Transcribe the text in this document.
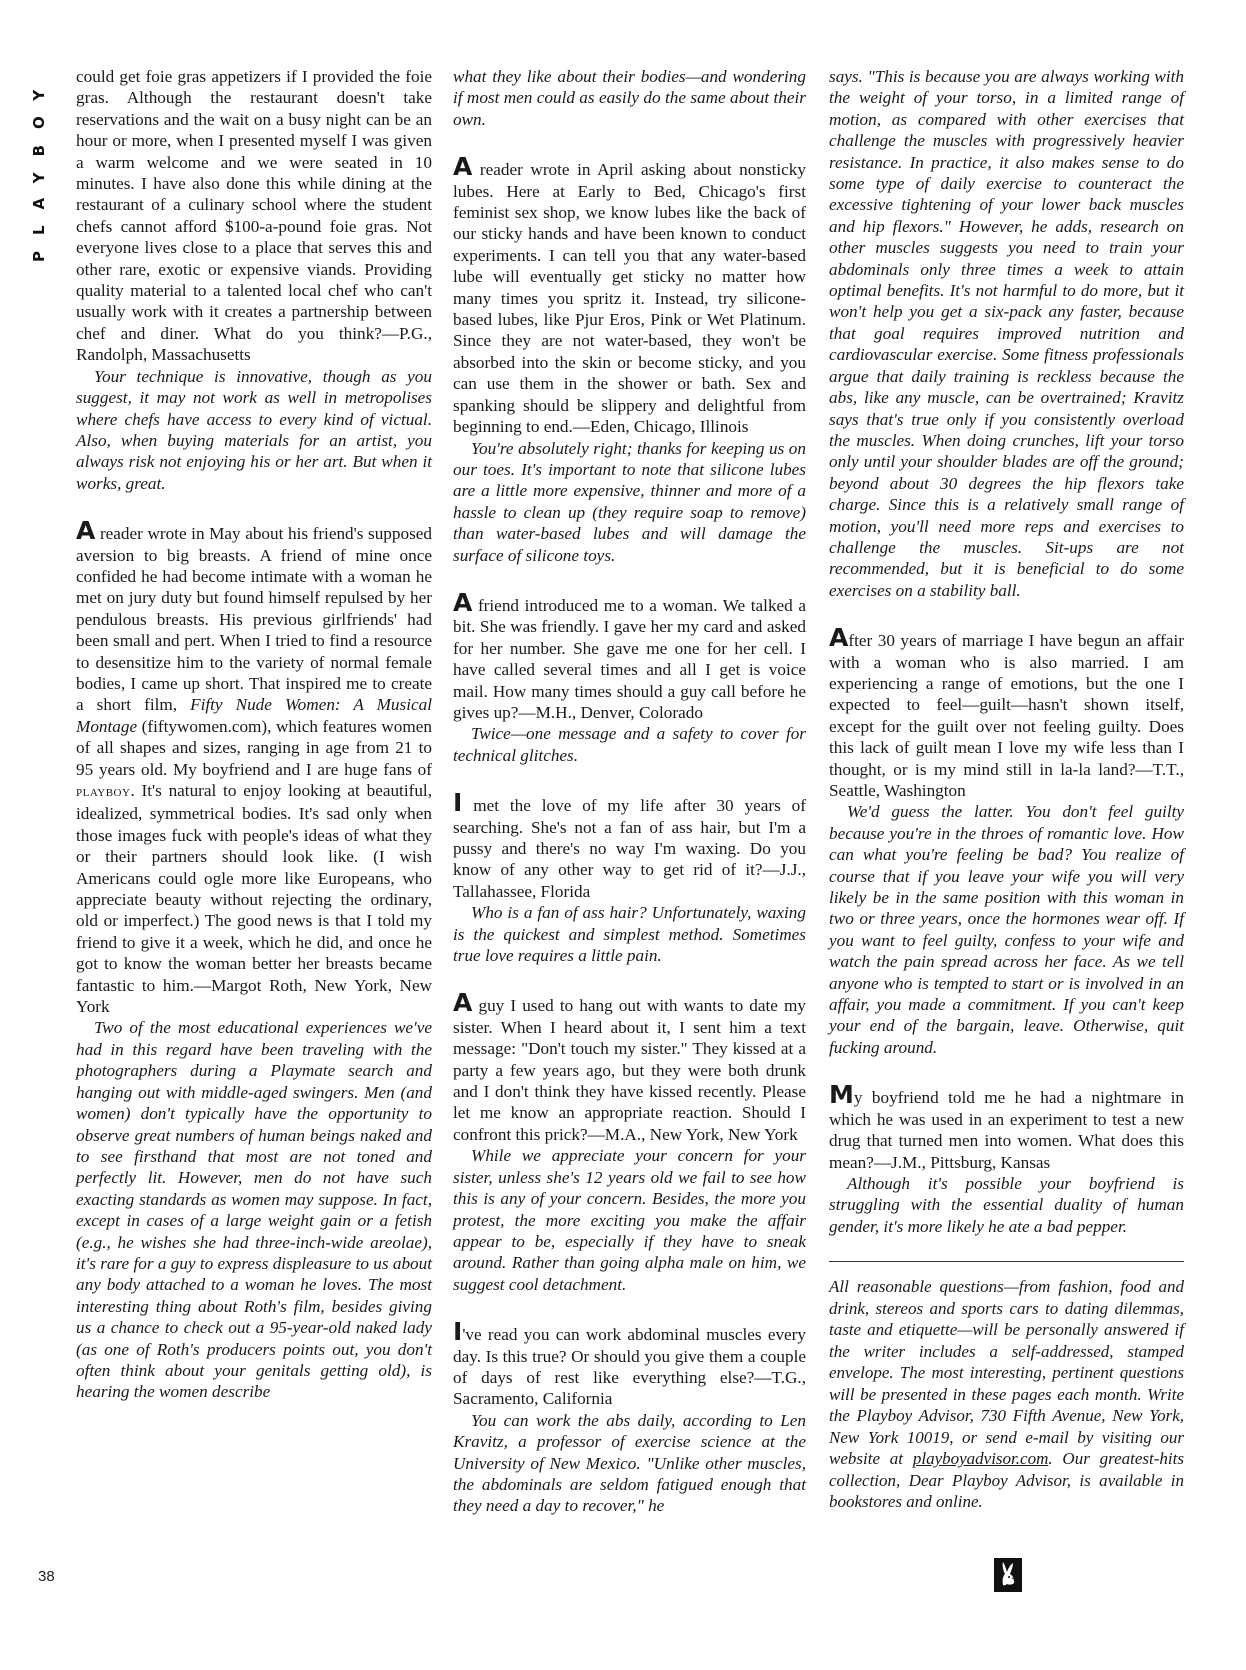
PLAYBOY
38

could get foie gras appetizers if I provided the foie gras. Although the restaurant doesn't take reservations and the wait on a busy night can be an hour or more, when I presented myself I was given a warm welcome and we were seated in 10 minutes. I have also done this while dining at the restaurant of a culinary school where the student chefs cannot afford $100-a-pound foie gras. Not everyone lives close to a place that serves this and other rare, exotic or expensive viands. Providing quality material to a talented local chef who can't usually work with it creates a partnership between chef and diner. What do you think?—P.G., Randolph, Massachusetts

Your technique is innovative, though as you suggest, it may not work as well in metropolises where chefs have access to every kind of victual. Also, when buying materials for an artist, you always risk not enjoying his or her art. But when it works, great.

A reader wrote in May about his friend's supposed aversion to big breasts. A friend of mine once confided he had become intimate with a woman he met on jury duty but found himself repulsed by her pendulous breasts. His previous girlfriends' had been small and pert. When I tried to find a resource to desensitize him to the variety of normal female bodies, I came up short. That inspired me to create a short film, Fifty Nude Women: A Musical Montage (fiftywomen.com), which features women of all shapes and sizes, ranging in age from 21 to 95 years old. My boyfriend and I are huge fans of playboy. It's natural to enjoy looking at beautiful, idealized, symmetrical bodies. It's sad only when those images fuck with people's ideas of what they or their partners should look like. (I wish Americans could ogle more like Europeans, who appreciate beauty without rejecting the ordinary, old or imperfect.) The good news is that I told my friend to give it a week, which he did, and once he got to know the woman better her breasts became fantastic to him.—Margot Roth, New York, New York

Two of the most educational experiences we've had in this regard have been traveling with the photographers during a Playmate search and hanging out with middle-aged swingers. Men (and women) don't typically have the opportunity to observe great numbers of human beings naked and to see firsthand that most are not toned and perfectly lit. However, men do not have such exacting standards as women may suppose. In fact, except in cases of a large weight gain or a fetish (e.g., he wishes she had three-inch-wide areolae), it's rare for a guy to express displeasure to us about any body attached to a woman he loves. The most interesting thing about Roth's film, besides giving us a chance to check out a 95-year-old naked lady (as one of Roth's producers points out, you don't often think about your genitals getting old), is hearing the women describe

what they like about their bodies—and wondering if most men could as easily do the same about their own.

A reader wrote in April asking about nonsticky lubes. Here at Early to Bed, Chicago's first feminist sex shop, we know lubes like the back of our sticky hands and have been known to conduct experiments. I can tell you that any water-based lube will eventually get sticky no matter how many times you spritz it. Instead, try silicone-based lubes, like Pjur Eros, Pink or Wet Platinum. Since they are not water-based, they won't be absorbed into the skin or become sticky, and you can use them in the shower or bath. Sex and spanking should be slippery and delightful from beginning to end.—Eden, Chicago, Illinois

You're absolutely right; thanks for keeping us on our toes. It's important to note that silicone lubes are a little more expensive, thinner and more of a hassle to clean up (they require soap to remove) than water-based lubes and will damage the surface of silicone toys.

A friend introduced me to a woman. We talked a bit. She was friendly. I gave her my card and asked for her number. She gave me one for her cell. I have called several times and all I get is voice mail. How many times should a guy call before he gives up?—M.H., Denver, Colorado

Twice—one message and a safety to cover for technical glitches.

I met the love of my life after 30 years of searching. She's not a fan of ass hair, but I'm a pussy and there's no way I'm waxing. Do you know of any other way to get rid of it?—J.J., Tallahassee, Florida

Who is a fan of ass hair? Unfortunately, waxing is the quickest and simplest method. Sometimes true love requires a little pain.

A guy I used to hang out with wants to date my sister. When I heard about it, I sent him a text message: "Don't touch my sister." They kissed at a party a few years ago, but they were both drunk and I don't think they have kissed recently. Please let me know an appropriate reaction. Should I confront this prick?—M.A., New York, New York

While we appreciate your concern for your sister, unless she's 12 years old we fail to see how this is any of your concern. Besides, the more you protest, the more exciting you make the affair appear to be, especially if they have to sneak around. Rather than going alpha male on him, we suggest cool detachment.

I've read you can work abdominal muscles every day. Is this true? Or should you give them a couple of days of rest like everything else?—T.G., Sacramento, California

You can work the abs daily, according to Len Kravitz, a professor of exercise science at the University of New Mexico. "Unlike other muscles, the abdominals are seldom fatigued enough that they need a day to recover," he

says. "This is because you are always working with the weight of your torso, in a limited range of motion, as compared with other exercises that challenge the muscles with progressively heavier resistance. In practice, it also makes sense to do some type of daily exercise to counteract the excessive tightening of your lower back muscles and hip flexors." However, he adds, research on other muscles suggests you need to train your abdominals only three times a week to attain optimal benefits. It's not harmful to do more, but it won't help you get a six-pack any faster, because that goal requires improved nutrition and cardiovascular exercise. Some fitness professionals argue that daily training is reckless because the abs, like any muscle, can be overtrained; Kravitz says that's true only if you consistently overload the muscles. When doing crunches, lift your torso only until your shoulder blades are off the ground; beyond about 30 degrees the hip flexors take charge. Since this is a relatively small range of motion, you'll need more reps and exercises to challenge the muscles. Sit-ups are not recommended, but it is beneficial to do some exercises on a stability ball.

After 30 years of marriage I have begun an affair with a woman who is also married. I am experiencing a range of emotions, but the one I expected to feel—guilt—hasn't shown itself, except for the guilt over not feeling guilty. Does this lack of guilt mean I love my wife less than I thought, or is my mind still in la-la land?—T.T., Seattle, Washington

We'd guess the latter. You don't feel guilty because you're in the throes of romantic love. How can what you're feeling be bad? You realize of course that if you leave your wife you will very likely be in the same position with this woman in two or three years, once the hormones wear off. If you want to feel guilty, confess to your wife and watch the pain spread across her face. As we tell anyone who is tempted to start or is involved in an affair, you made a commitment. If you can't keep your end of the bargain, leave. Otherwise, quit fucking around.

My boyfriend told me he had a nightmare in which he was used in an experiment to test a new drug that turned men into women. What does this mean?—J.M., Pittsburg, Kansas

Although it's possible your boyfriend is struggling with the essential duality of human gender, it's more likely he ate a bad pepper.

All reasonable questions—from fashion, food and drink, stereos and sports cars to dating dilemmas, taste and etiquette—will be personally answered if the writer includes a self-addressed, stamped envelope. The most interesting, pertinent questions will be presented in these pages each month. Write the Playboy Advisor, 730 Fifth Avenue, New York, New York 10019, or send e-mail by visiting our website at playboyadvisor.com. Our greatest-hits collection, Dear Playboy Advisor, is available in bookstores and online.
